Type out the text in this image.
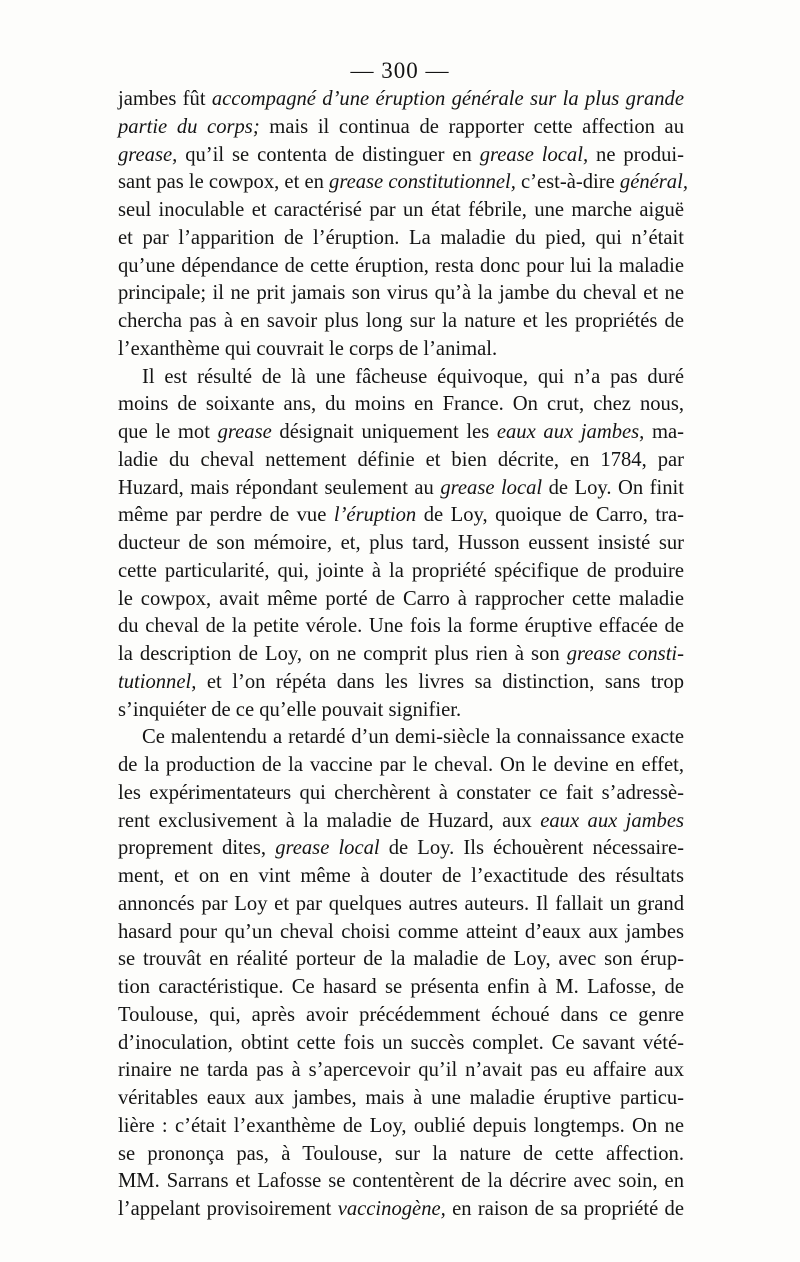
— 300 —
jambes fût accompagné d’une éruption générale sur la plus grande
partie du corps; mais il continua de rapporter cette affection au
grease, qu’il se contenta de distinguer en grease local, ne produi-
sant pas le cowpox, et en grease constitutionnel, c’est-à-dire général,
seul inoculable et caractérisé par un état fébrile, une marche aiguë
et par l’apparition de l’éruption. La maladie du pied, qui n’était
qu’une dépendance de cette éruption, resta donc pour lui la maladie
principale; il ne prit jamais son virus qu’à la jambe du cheval et ne
chercha pas à en savoir plus long sur la nature et les propriétés de
l’exanthème qui couvrait le corps de l’animal.
Il est résulté de là une fâcheuse équivoque, qui n’a pas duré
moins de soixante ans, du moins en France. On crut, chez nous,
que le mot grease désignait uniquement les eaux aux jambes, ma-
ladie du cheval nettement définie et bien décrite, en 1784, par
Huzard, mais répondant seulement au grease local de Loy. On finit
même par perdre de vue l’éruption de Loy, quoique de Carro, tra-
ducteur de son mémoire, et, plus tard, Husson eussent insisté sur
cette particularité, qui, jointe à la propriété spécifique de produire
le cowpox, avait même porté de Carro à rapprocher cette maladie
du cheval de la petite vérole. Une fois la forme éruptive effacée de
la description de Loy, on ne comprit plus rien à son grease consti-
tutionnel, et l’on répéta dans les livres sa distinction, sans trop
s’inquiéter de ce qu’elle pouvait signifier.
Ce malentendu a retardé d’un demi-siècle la connaissance exacte
de la production de la vaccine par le cheval. On le devine en effet,
les expérimentateurs qui cherchèrent à constater ce fait s’adressè-
rent exclusivement à la maladie de Huzard, aux eaux aux jambes
proprement dites, grease local de Loy. Ils échouèrent nécessaire-
ment, et on en vint même à douter de l’exactitude des résultats
annoncés par Loy et par quelques autres auteurs. Il fallait un grand
hasard pour qu’un cheval choisi comme atteint d’eaux aux jambes
se trouvât en réalité porteur de la maladie de Loy, avec son érup-
tion caractéristique. Ce hasard se présenta enfin à M. Lafosse, de
Toulouse, qui, après avoir précédemment échoué dans ce genre
d’inoculation, obtint cette fois un succès complet. Ce savant vété-
rinaire ne tarda pas à s’apercevoir qu’il n’avait pas eu affaire aux
véritables eaux aux jambes, mais à une maladie éruptive particu-
lière : c’était l’exanthème de Loy, oublié depuis longtemps. On ne
se prononça pas, à Toulouse, sur la nature de cette affection.
MM. Sarrans et Lafosse se contentèrent de la décrire avec soin, en
l’appelant provisoirement vaccinogène, en raison de sa propriété de
